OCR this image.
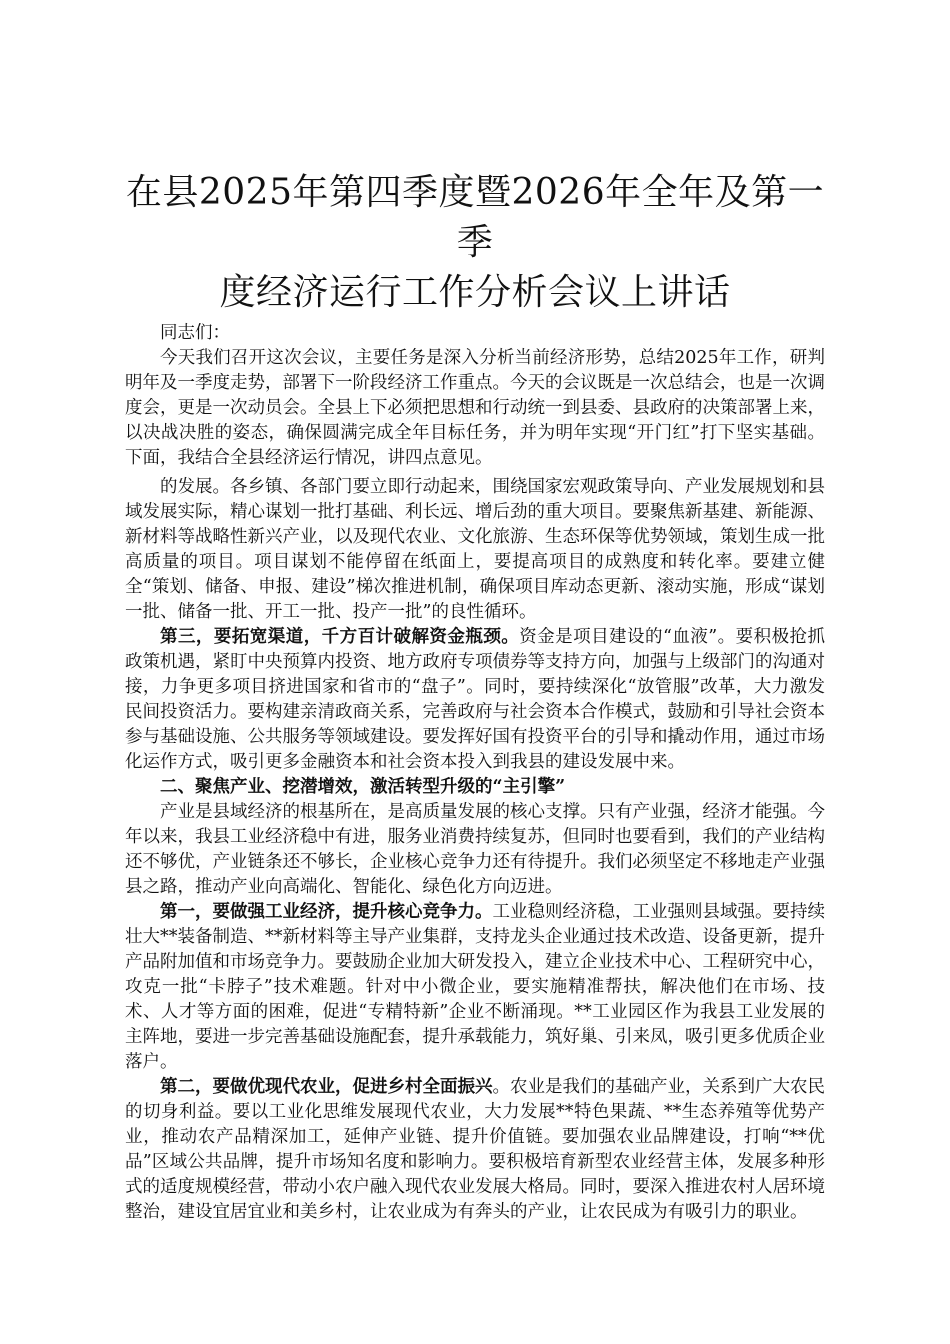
在县2025年第四季度暨2026年全年及第一季
度经济运行工作分析会议上讲话

同志们：

今天我们召开这次会议，主要任务是深入分析当前经济形势，总结2025年工作，研判明年及一季度走势，部署下一阶段经济工作重点。今天的会议既是一次总结会，也是一次调度会，更是一次动员会。全县上下必须把思想和行动统一到县委、县政府的决策部署上来，以决战决胜的姿态，确保圆满完成全年目标任务，并为明年实现“开门红”打下坚实基础。下面，我结合全县经济运行情况，讲四点意见。

的发展。各乡镇、各部门要立即行动起来，围绕国家宏观政策导向、产业发展规划和县域发展实际，精心谋划一批打基础、利长远、增后劲的重大项目。要聚焦新基建、新能源、新材料等战略性新兴产业，以及现代农业、文化旅游、生态环保等优势领域，策划生成一批高质量的项目。项目谋划不能停留在纸面上，要提高项目的成熟度和转化率。要建立健全“策划、储备、申报、建设”梯次推进机制，确保项目库动态更新、滚动实施，形成“谋划一批、储备一批、开工一批、投产一批”的良性循环。

第三，要拓宽渠道，千方百计破解资金瓶颈。资金是项目建设的“血液”。要积极抢抓政策机遇，紧盯中央预算内投资、地方政府专项债券等支持方向，加强与上级部门的沟通对接，力争更多项目挤进国家和省市的“盘子”。同时，要持续深化“放管服”改革，大力激发民间投资活力。要构建亲清政商关系，完善政府与社会资本合作模式，鼓励和引导社会资本参与基础设施、公共服务等领域建设。要发挥好国有投资平台的引导和撬动作用，通过市场化运作方式，吸引更多金融资本和社会资本投入到我县的建设发展中来。

二、聚焦产业、挖潜增效，激活转型升级的“主引擎”

产业是县域经济的根基所在，是高质量发展的核心支撑。只有产业强，经济才能强。今年以来，我县工业经济稳中有进，服务业消费持续复苏，但同时也要看到，我们的产业结构还不够优，产业链条还不够长，企业核心竞争力还有待提升。我们必须坚定不移地走产业强县之路，推动产业向高端化、智能化、绿色化方向迈进。

第一，要做强工业经济，提升核心竞争力。工业稳则经济稳，工业强则县域强。要持续壮大**装备制造、**新材料等主导产业集群，支持龙头企业通过技术改造、设备更新，提升产品附加值和市场竞争力。要鼓励企业加大研发投入，建立企业技术中心、工程研究中心，攻克一批“卡脖子”技术难题。针对中小微企业，要实施精准帮扶，解决他们在市场、技术、人才等方面的困难，促进“专精特新”企业不断涌现。**工业园区作为我县工业发展的主阵地，要进一步完善基础设施配套，提升承载能力，筑好巢、引来凤，吸引更多优质企业落户。

第二，要做优现代农业，促进乡村全面振兴。农业是我们的基础产业，关系到广大农民的切身利益。要以工业化思维发展现代农业，大力发展**特色果蔬、**生态养殖等优势产业，推动农产品精深加工，延伸产业链、提升价值链。要加强农业品牌建设，打响“**优品”区域公共品牌，提升市场知名度和影响力。要积极培育新型农业经营主体，发展多种形式的适度规模经营，带动小农户融入现代农业发展大格局。同时，要深入推进农村人居环境整治，建设宜居宜业和美乡村，让农业成为有奔头的产业，让农民成为有吸引力的职业。
